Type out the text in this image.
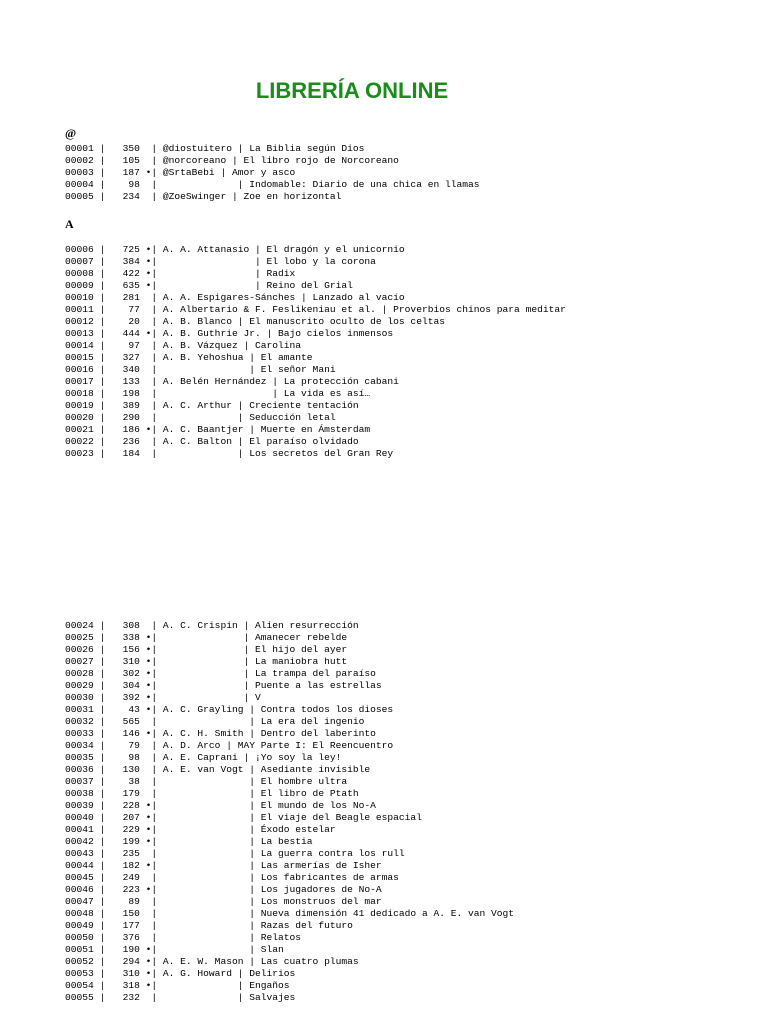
LIBRERÍA ONLINE
@
00001 |   350  | @diostuitero | La Biblia según Dios
00002 |   105  | @norcoreano | El libro rojo de Norcoreano
00003 |   187 •| @SrtaBebi | Amor y asco
00004 |    98  |              | Indomable: Diario de una chica en llamas
00005 |   234  | @ZoeSwinger | Zoe en horizontal
A
00006 |   725 •| A. A. Attanasio | El dragón y el unicornio
00007 |   384 •|                 | El lobo y la corona
00008 |   422 •|                 | Radix
00009 |   635 •|                 | Reino del Grial
00010 |   281  | A. A. Espigares-Sánches | Lanzado al vacío
00011 |    77  | A. Albertario & F. Feslikeniau et al. | Proverbios chinos para meditar
00012 |    20  | A. B. Blanco | El manuscrito oculto de los celtas
00013 |   444 •| A. B. Guthrie Jr. | Bajo cielos inmensos
00014 |    97  | A. B. Vázquez | Carolina
00015 |   327  | A. B. Yehoshua | El amante
00016 |   340  |                | El señor Mani
00017 |   133  | A. Belén Hernández | La protección cabani
00018 |   198  |                    | La vida es así…
00019 |   389  | A. C. Arthur | Creciente tentación
00020 |   290  |              | Seducción letal
00021 |   186 •| A. C. Baantjer | Muerte en Ámsterdam
00022 |   236  | A. C. Balton | El paraíso olvidado
00023 |   184  |              | Los secretos del Gran Rey
00024 |   308  | A. C. Crispin | Alien resurrección
00025 |   338 •|               | Amanecer rebelde
00026 |   156 •|               | El hijo del ayer
00027 |   310 •|               | La maniobra hutt
00028 |   302 •|               | La trampa del paraíso
00029 |   304 •|               | Puente a las estrellas
00030 |   392 •|               | V
00031 |    43 •| A. C. Grayling | Contra todos los dioses
00032 |   565  |                | La era del ingenio
00033 |   146 •| A. C. H. Smith | Dentro del laberinto
00034 |    79  | A. D. Arco | MAY Parte I: El Reencuentro
00035 |    98  | A. E. Caprani | ¡Yo soy la ley!
00036 |   130  | A. E. van Vogt | Asediante invisible
00037 |    38  |                | El hombre ultra
00038 |   179  |                | El libro de Ptath
00039 |   228 •|                | El mundo de los No-A
00040 |   207 •|                | El viaje del Beagle espacial
00041 |   229 •|                | Éxodo estelar
00042 |   199 •|                | La bestia
00043 |   235  |                | La guerra contra los rull
00044 |   182 •|                | Las armerías de Isher
00045 |   249  |                | Los fabricantes de armas
00046 |   223 •|                | Los jugadores de No-A
00047 |    89  |                | Los monstruos del mar
00048 |   150  |                | Nueva dimensión 41 dedicado a A. E. van Vogt
00049 |   177  |                | Razas del futuro
00050 |   376  |                | Relatos
00051 |   190 •|                | Slan
00052 |   294 •| A. E. W. Mason | Las cuatro plumas
00053 |   310 •| A. G. Howard | Delirios
00054 |   318 •|              | Engaños
00055 |   232  |              | Salvajes
